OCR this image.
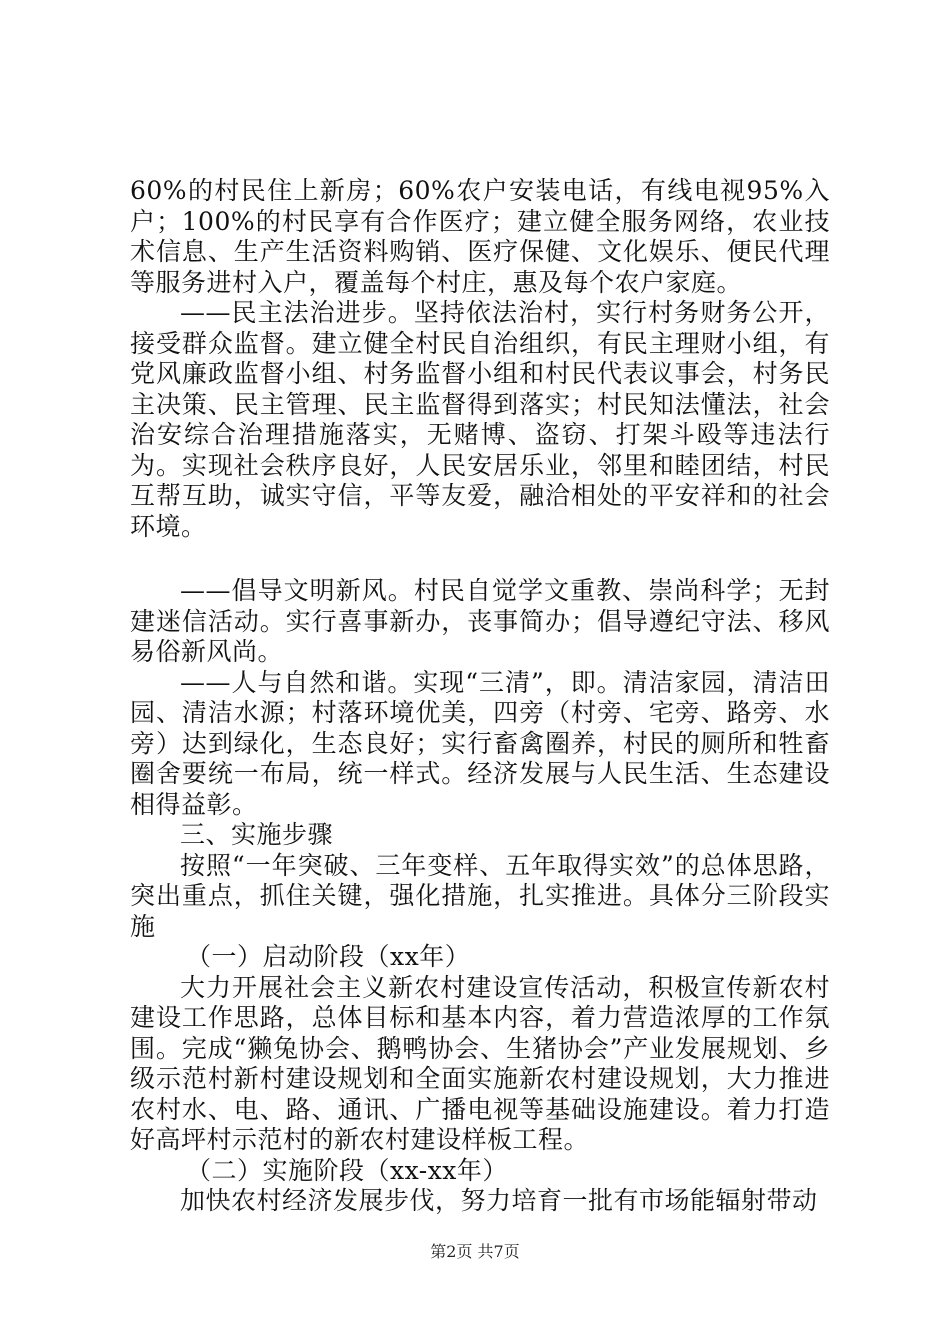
60%的村民住上新房；60%农户安装电话，有线电视95%入户；100%的村民享有合作医疗；建立健全服务网络，农业技术信息、生产生活资料购销、医疗保健、文化娱乐、便民代理等服务进村入户，覆盖每个村庄，惠及每个农户家庭。

——民主法治进步。坚持依法治村，实行村务财务公开，接受群众监督。建立健全村民自治组织，有民主理财小组，有党风廉政监督小组、村务监督小组和村民代表议事会，村务民主决策、民主管理、民主监督得到落实；村民知法懂法，社会治安综合治理措施落实，无赌博、盗窃、打架斗殴等违法行为。实现社会秩序良好，人民安居乐业，邻里和睦团结，村民互帮互助，诚实守信，平等友爱，融洽相处的平安祥和的社会环境。

——倡导文明新风。村民自觉学文重教、崇尚科学；无封建迷信活动。实行喜事新办，丧事简办；倡导遵纪守法、移风易俗新风尚。

——人与自然和谐。实现“三清”，即。清洁家园，清洁田园、清洁水源；村落环境优美，四旁（村旁、宅旁、路旁、水旁）达到绿化，生态良好；实行畜禽圈养，村民的厕所和牲畜圈舍要统一布局，统一样式。经济发展与人民生活、生态建设相得益彰。

三、实施步骤

按照“一年突破、三年变样、五年取得实效”的总体思路，突出重点，抓住关键，强化措施，扎实推进。具体分三阶段实施

（一）启动阶段（xx年）

大力开展社会主义新农村建设宣传活动，积极宣传新农村建设工作思路，总体目标和基本内容，着力营造浓厚的工作氛围。完成“獭兔协会、鹅鸭协会、生猪协会”产业发展规划、乡级示范村新村建设规划和全面实施新农村建设规划，大力推进农村水、电、路、通讯、广播电视等基础设施建设。着力打造好高坪村示范村的新农村建设样板工程。

（二）实施阶段（xx-xx年）

加快农村经济发展步伐，努力培育一批有市场能辐射带动

第2页 共7页
